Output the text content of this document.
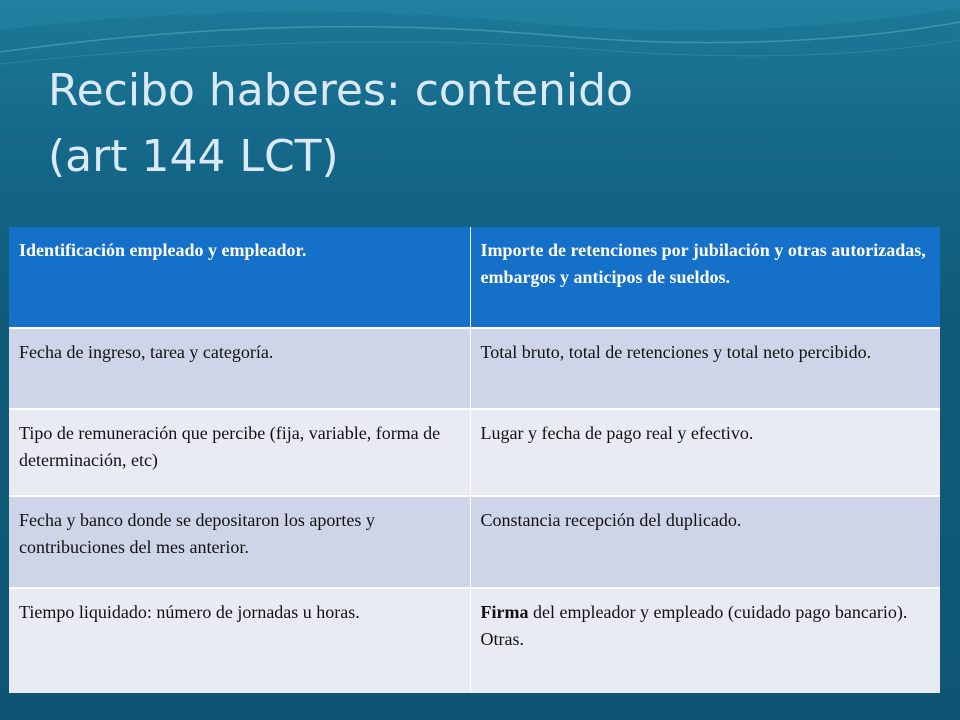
Recibo haberes: contenido
(art 144 LCT)
Identificación empleado y empleador.	Importe de retenciones por jubilación y otras autorizadas, embargos y anticipos de sueldos.
Fecha de ingreso, tarea y categoría.	Total bruto, total de retenciones y total neto percibido.
Tipo de remuneración que percibe (fija, variable, forma de determinación, etc)	Lugar y fecha de pago real y efectivo.
Fecha y banco donde se depositaron los aportes y contribuciones del mes anterior.	Constancia recepción del duplicado.
Tiempo liquidado: número de jornadas u horas.	Firma del empleador y empleado (cuidado pago bancario).
Otras.
